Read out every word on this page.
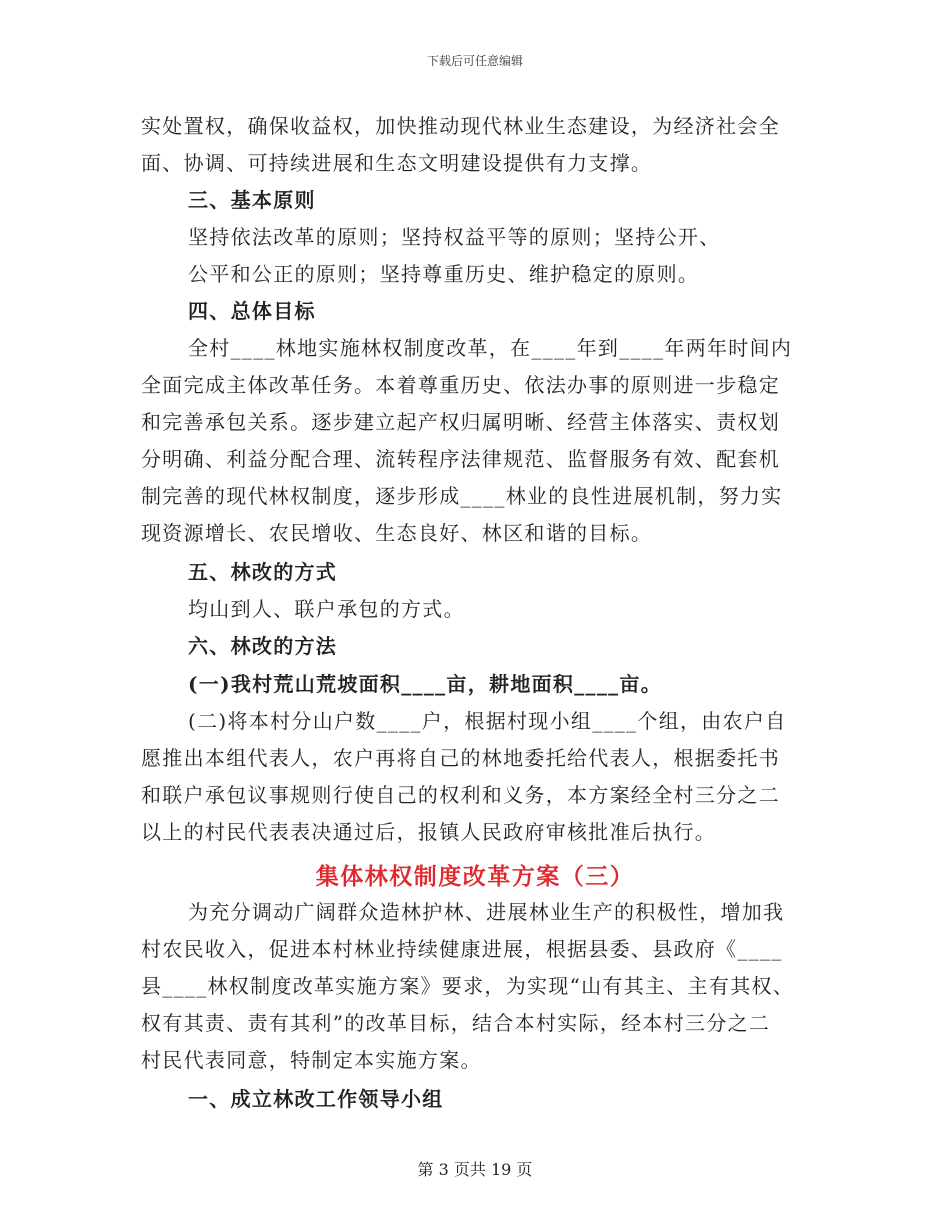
下载后可任意编辑
实处置权，确保收益权，加快推动现代林业生态建设，为经济社会全
面、协调、可持续进展和生态文明建设提供有力支撑。
三、基本原则
坚持依法改革的原则；坚持权益平等的原则；坚持公开、
公平和公正的原则；坚持尊重历史、维护稳定的原则。
四、总体目标
全村____林地实施林权制度改革，在____年到____年两年时间内
全面完成主体改革任务。本着尊重历史、依法办事的原则进一步稳定
和完善承包关系。逐步建立起产权归属明晰、经营主体落实、责权划
分明确、利益分配合理、流转程序法律规范、监督服务有效、配套机
制完善的现代林权制度，逐步形成____林业的良性进展机制，努力实
现资源增长、农民增收、生态良好、林区和谐的目标。
五、林改的方式
均山到人、联户承包的方式。
六、林改的方法
(一)我村荒山荒坡面积____亩，耕地面积____亩。
(二)将本村分山户数____户，根据村现小组____个组，由农户自
愿推出本组代表人，农户再将自己的林地委托给代表人，根据委托书
和联户承包议事规则行使自己的权利和义务，本方案经全村三分之二
以上的村民代表表决通过后，报镇人民政府审核批准后执行。
集体林权制度改革方案（三）
为充分调动广阔群众造林护林、进展林业生产的积极性，增加我
村农民收入，促进本村林业持续健康进展，根据县委、县政府《____
县____林权制度改革实施方案》要求，为实现“山有其主、主有其权、
权有其责、责有其利”的改革目标，结合本村实际，经本村三分之二
村民代表同意，特制定本实施方案。
一、成立林改工作领导小组
第 3 页共 19 页
